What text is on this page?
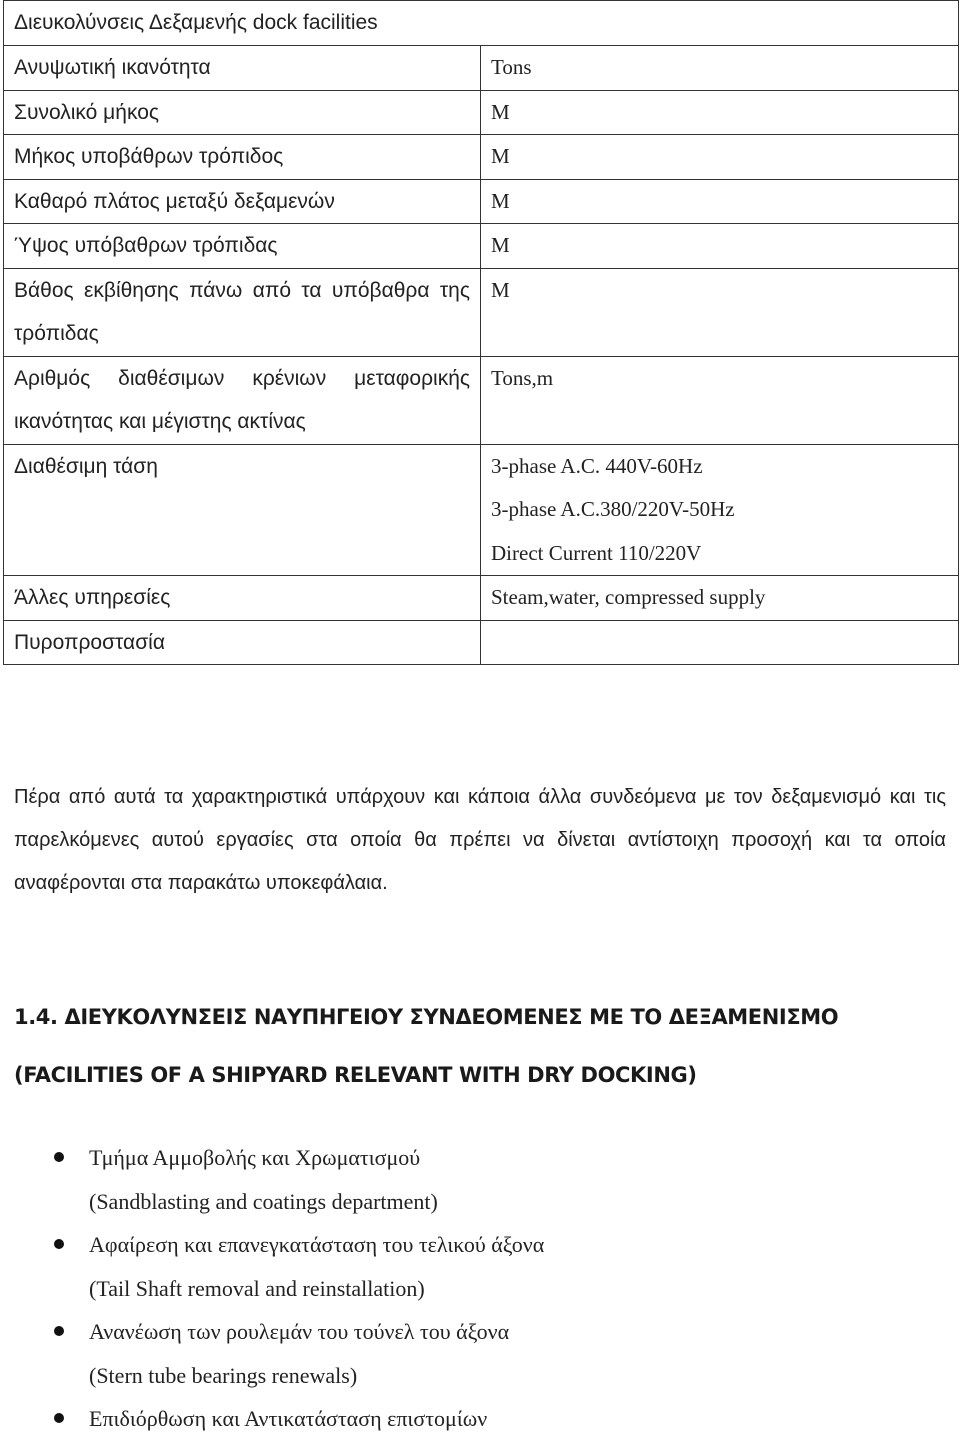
Διευκολύνσεις Δεξαμενής dock facilities	

Ανυψωτική ικανότητα	Tons

Συνολικό μήκος	M

Μήκος υποβάθρων τρόπιδος	M

Καθαρό πλάτος μεταξύ δεξαμενών	M

Ύψος υπόβαθρων τρόπιδας	M

Βάθος εκβίθησης πάνω από τα υπόβαθρα της
τρόπιδας	M

Αριθμός διαθέσιμων κρένιων μεταφορικής
ικανότητας και μέγιστης ακτίνας	Tons,m

Διαθέσιμη τάση	3-phase A.C. 440V-60Hz
3-phase A.C.380/220V-50Hz
Direct Current 110/220V

Άλλες υπηρεσίες	Steam,water, compressed supply

Πυροπροστασία	

Πέρα από αυτά τα χαρακτηριστικά υπάρχουν και κάποια άλλα συνδεόμενα με τον δεξαμενισμό και τις παρελκόμενες αυτού εργασίες στα οποία θα πρέπει να δίνεται αντίστοιχη προσοχή και τα οποία αναφέρονται στα παρακάτω υποκεφάλαια.

1.4. ΔΙΕΥΚΟΛΥΝΣΕΙΣ ΝΑΥΠΗΓΕΙΟΥ ΣΥΝΔΕΟΜΕΝΕΣ ΜΕ ΤΟ ΔΕΞΑΜΕΝΙΣΜΟ
(FACILITIES OF A SHIPYARD RELEVANT WITH DRY DOCKING)
Τμήμα Αμμοβολής και Χρωματισμού
(Sandblasting and coatings department)
Αφαίρεση και επανεγκατάσταση του τελικού άξονα
(Tail Shaft removal and reinstallation)
Ανανέωση των ρουλεμάν του τούνελ του άξονα
(Stern tube bearings renewals)
Επιδιόρθωση και Αντικατάσταση επιστομίων
